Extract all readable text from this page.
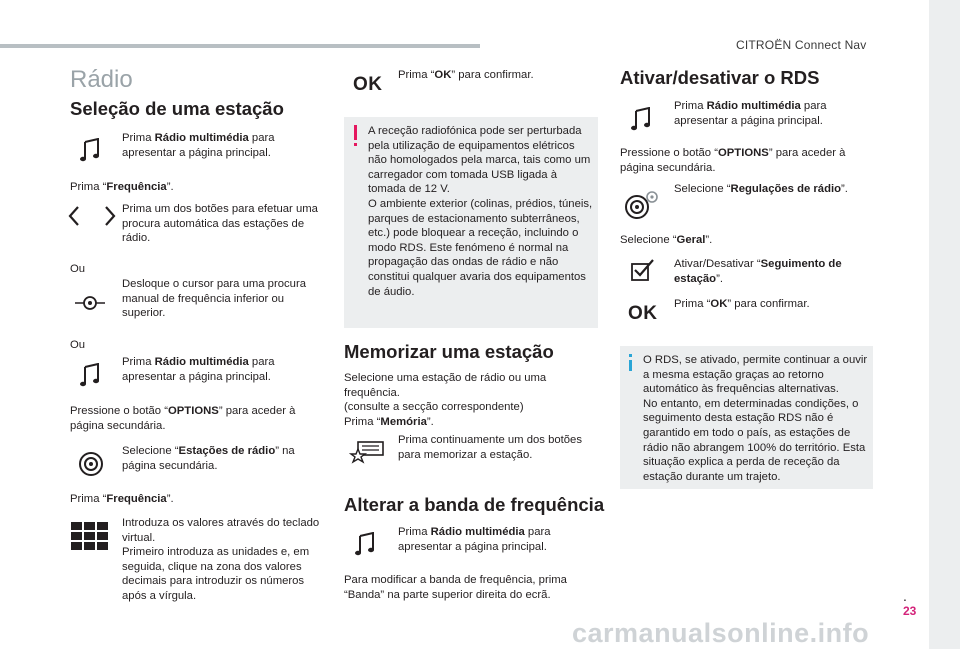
CITROËN Connect Nav
.
23
carmanualsonline.info
Rádio
Seleção de uma estação
Prima Rádio multimédia para apresentar a página principal.
Prima “Frequência”.
Prima um dos botões para efetuar uma procura automática das estações de rádio.
Ou
Desloque o cursor para uma procura manual de frequência inferior ou superior.
Ou
Prima Rádio multimédia para apresentar a página principal.
Pressione o botão “OPTIONS” para aceder à página secundária.
Selecione “Estações de rádio” na página secundária.
Prima “Frequência”.
Introduza os valores através do teclado virtual.
Primeiro introduza as unidades e, em seguida, clique na zona dos valores decimais para introduzir os números após a vírgula.
OK Prima “OK” para confirmar.
A receção radiofónica pode ser perturbada pela utilização de equipamentos elétricos não homologados pela marca, tais como um carregador com tomada USB ligada à tomada de 12 V.
O ambiente exterior (colinas, prédios, túneis, parques de estacionamento subterrâneos, etc.) pode bloquear a receção, incluindo o modo RDS. Este fenómeno é normal na propagação das ondas de rádio e não constitui qualquer avaria dos equipamentos de áudio.
Memorizar uma estação
Selecione uma estação de rádio ou uma frequência.
(consulte a secção correspondente)
Prima “Memória”.
Prima continuamente um dos botões para memorizar a estação.
Alterar a banda de frequência
Prima Rádio multimédia para apresentar a página principal.
Para modificar a banda de frequência, prima “Banda” na parte superior direita do ecrã.
Ativar/desativar o RDS
Prima Rádio multimédia para apresentar a página principal.
Pressione o botão “OPTIONS” para aceder à página secundária.
Selecione “Regulações de rádio”.
Selecione “Geral”.
Ativar/Desativar “Seguimento de estação”.
OK Prima “OK” para confirmar.
O RDS, se ativado, permite continuar a ouvir a mesma estação graças ao retorno automático às frequências alternativas.
No entanto, em determinadas condições, o seguimento desta estação RDS não é garantido em todo o país, as estações de rádio não abrangem 100% do território. Esta situação explica a perda de receção da estação durante um trajeto.
